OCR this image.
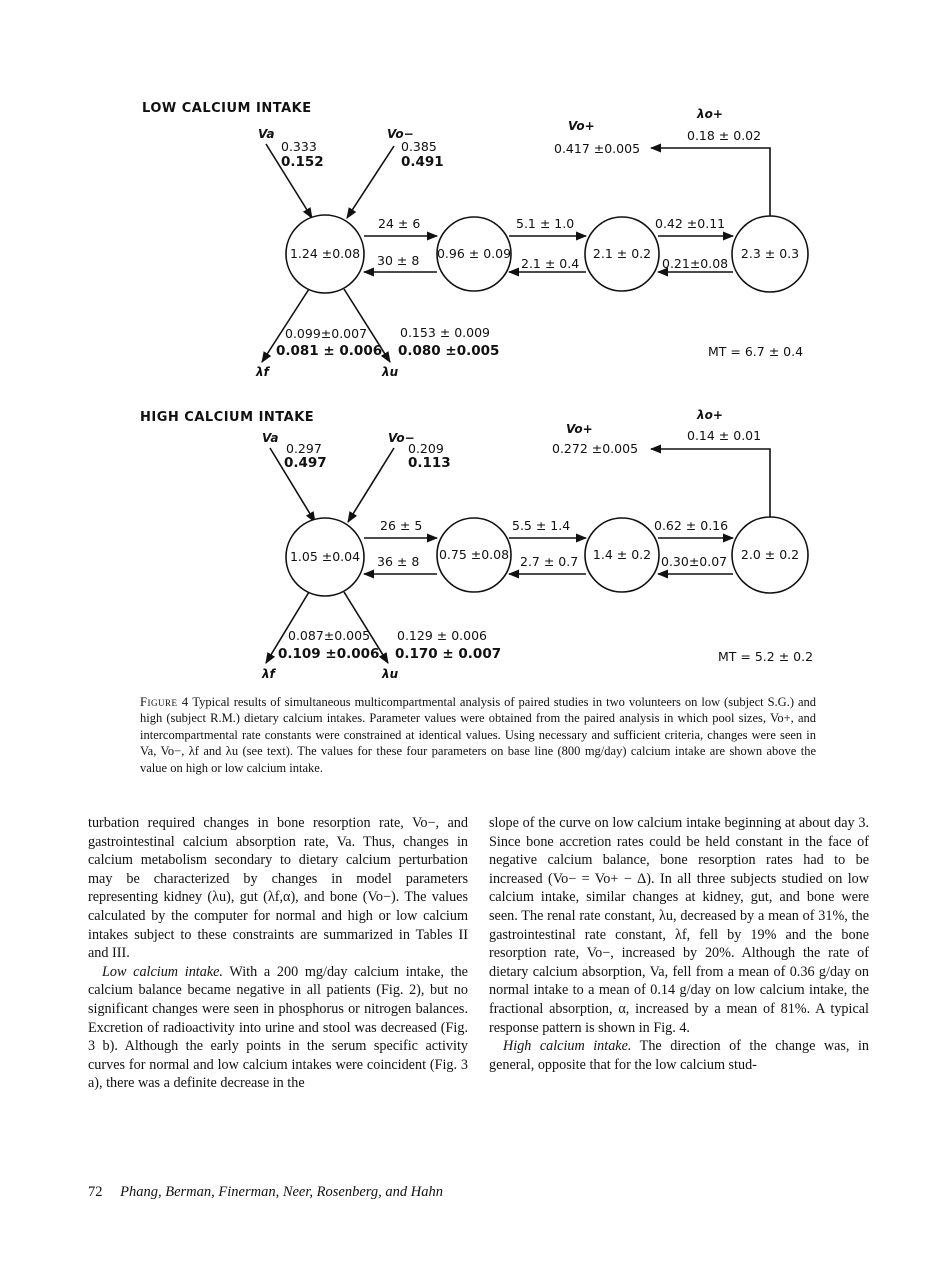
LOW CALCIUM INTAKE
Va
0.333
0.152
Vo−
0.385
0.491
1.24 ±0.08	0.96 ± 0.09	2.1 ± 0.2	2.3 ± 0.3
24 ± 6
30 ± 8
5.1 ± 1.0
2.1 ± 0.4
0.42 ±0.11
0.21±0.08
Vo+
0.417 ±0.005
λo+
0.18 ± 0.02
0.099±0.007
0.081 ± 0.006
0.153 ± 0.009
0.080 ±0.005
λf	λu
MT = 6.7 ± 0.4
HIGH CALCIUM INTAKE
Va
0.297
0.497
Vo−
0.209
0.113
1.05 ±0.04	0.75 ±0.08	1.4 ± 0.2	2.0 ± 0.2
26 ± 5
36 ± 8
5.5 ± 1.4
2.7 ± 0.7
0.62 ± 0.16
0.30±0.07
Vo+
0.272 ±0.005
λo+
0.14 ± 0.01
0.087±0.005
0.109 ±0.006
0.129 ± 0.006
0.170 ± 0.007
λf	λu
MT = 5.2 ± 0.2
Figure 4 Typical results of simultaneous multicompartmental analysis of paired studies in two volunteers on low (subject S.G.) and high (subject R.M.) dietary calcium intakes. Parameter values were obtained from the paired analysis in which pool sizes, Vo+, and intercompartmental rate constants were constrained at identical values. Using necessary and sufficient criteria, changes were seen in Va, Vo−, λf and λu (see text). The values for these four parameters on base line (800 mg/day) calcium intake are shown above the value on high or low calcium intake.

turbation required changes in bone resorption rate, Vo−, and gastrointestinal calcium absorption rate, Va. Thus, changes in calcium metabolism secondary to dietary calcium perturbation may be characterized by changes in model parameters representing kidney (λu), gut (λf,α), and bone (Vo−). The values calculated by the computer for normal and high or low calcium intakes subject to these constraints are summarized in Tables II and III.

Low calcium intake. With a 200 mg/day calcium intake, the calcium balance became negative in all patients (Fig. 2), but no significant changes were seen in phosphorus or nitrogen balances. Excretion of radioactivity into urine and stool was decreased (Fig. 3 b). Although the early points in the serum specific activity curves for normal and low calcium intakes were coincident (Fig. 3 a), there was a definite decrease in the

slope of the curve on low calcium intake beginning at about day 3. Since bone accretion rates could be held constant in the face of negative calcium balance, bone resorption rates had to be increased (Vo− = Vo+ − Δ). In all three subjects studied on low calcium intake, similar changes at kidney, gut, and bone were seen. The renal rate constant, λu, decreased by a mean of 31%, the gastrointestinal rate constant, λf, fell by 19% and the bone resorption rate, Vo−, increased by 20%. Although the rate of dietary calcium absorption, Va, fell from a mean of 0.36 g/day on normal intake to a mean of 0.14 g/day on low calcium intake, the fractional absorption, α, increased by a mean of 81%. A typical response pattern is shown in Fig. 4.

High calcium intake. The direction of the change was, in general, opposite that for the low calcium stud-

72 Phang, Berman, Finerman, Neer, Rosenberg, and Hahn
